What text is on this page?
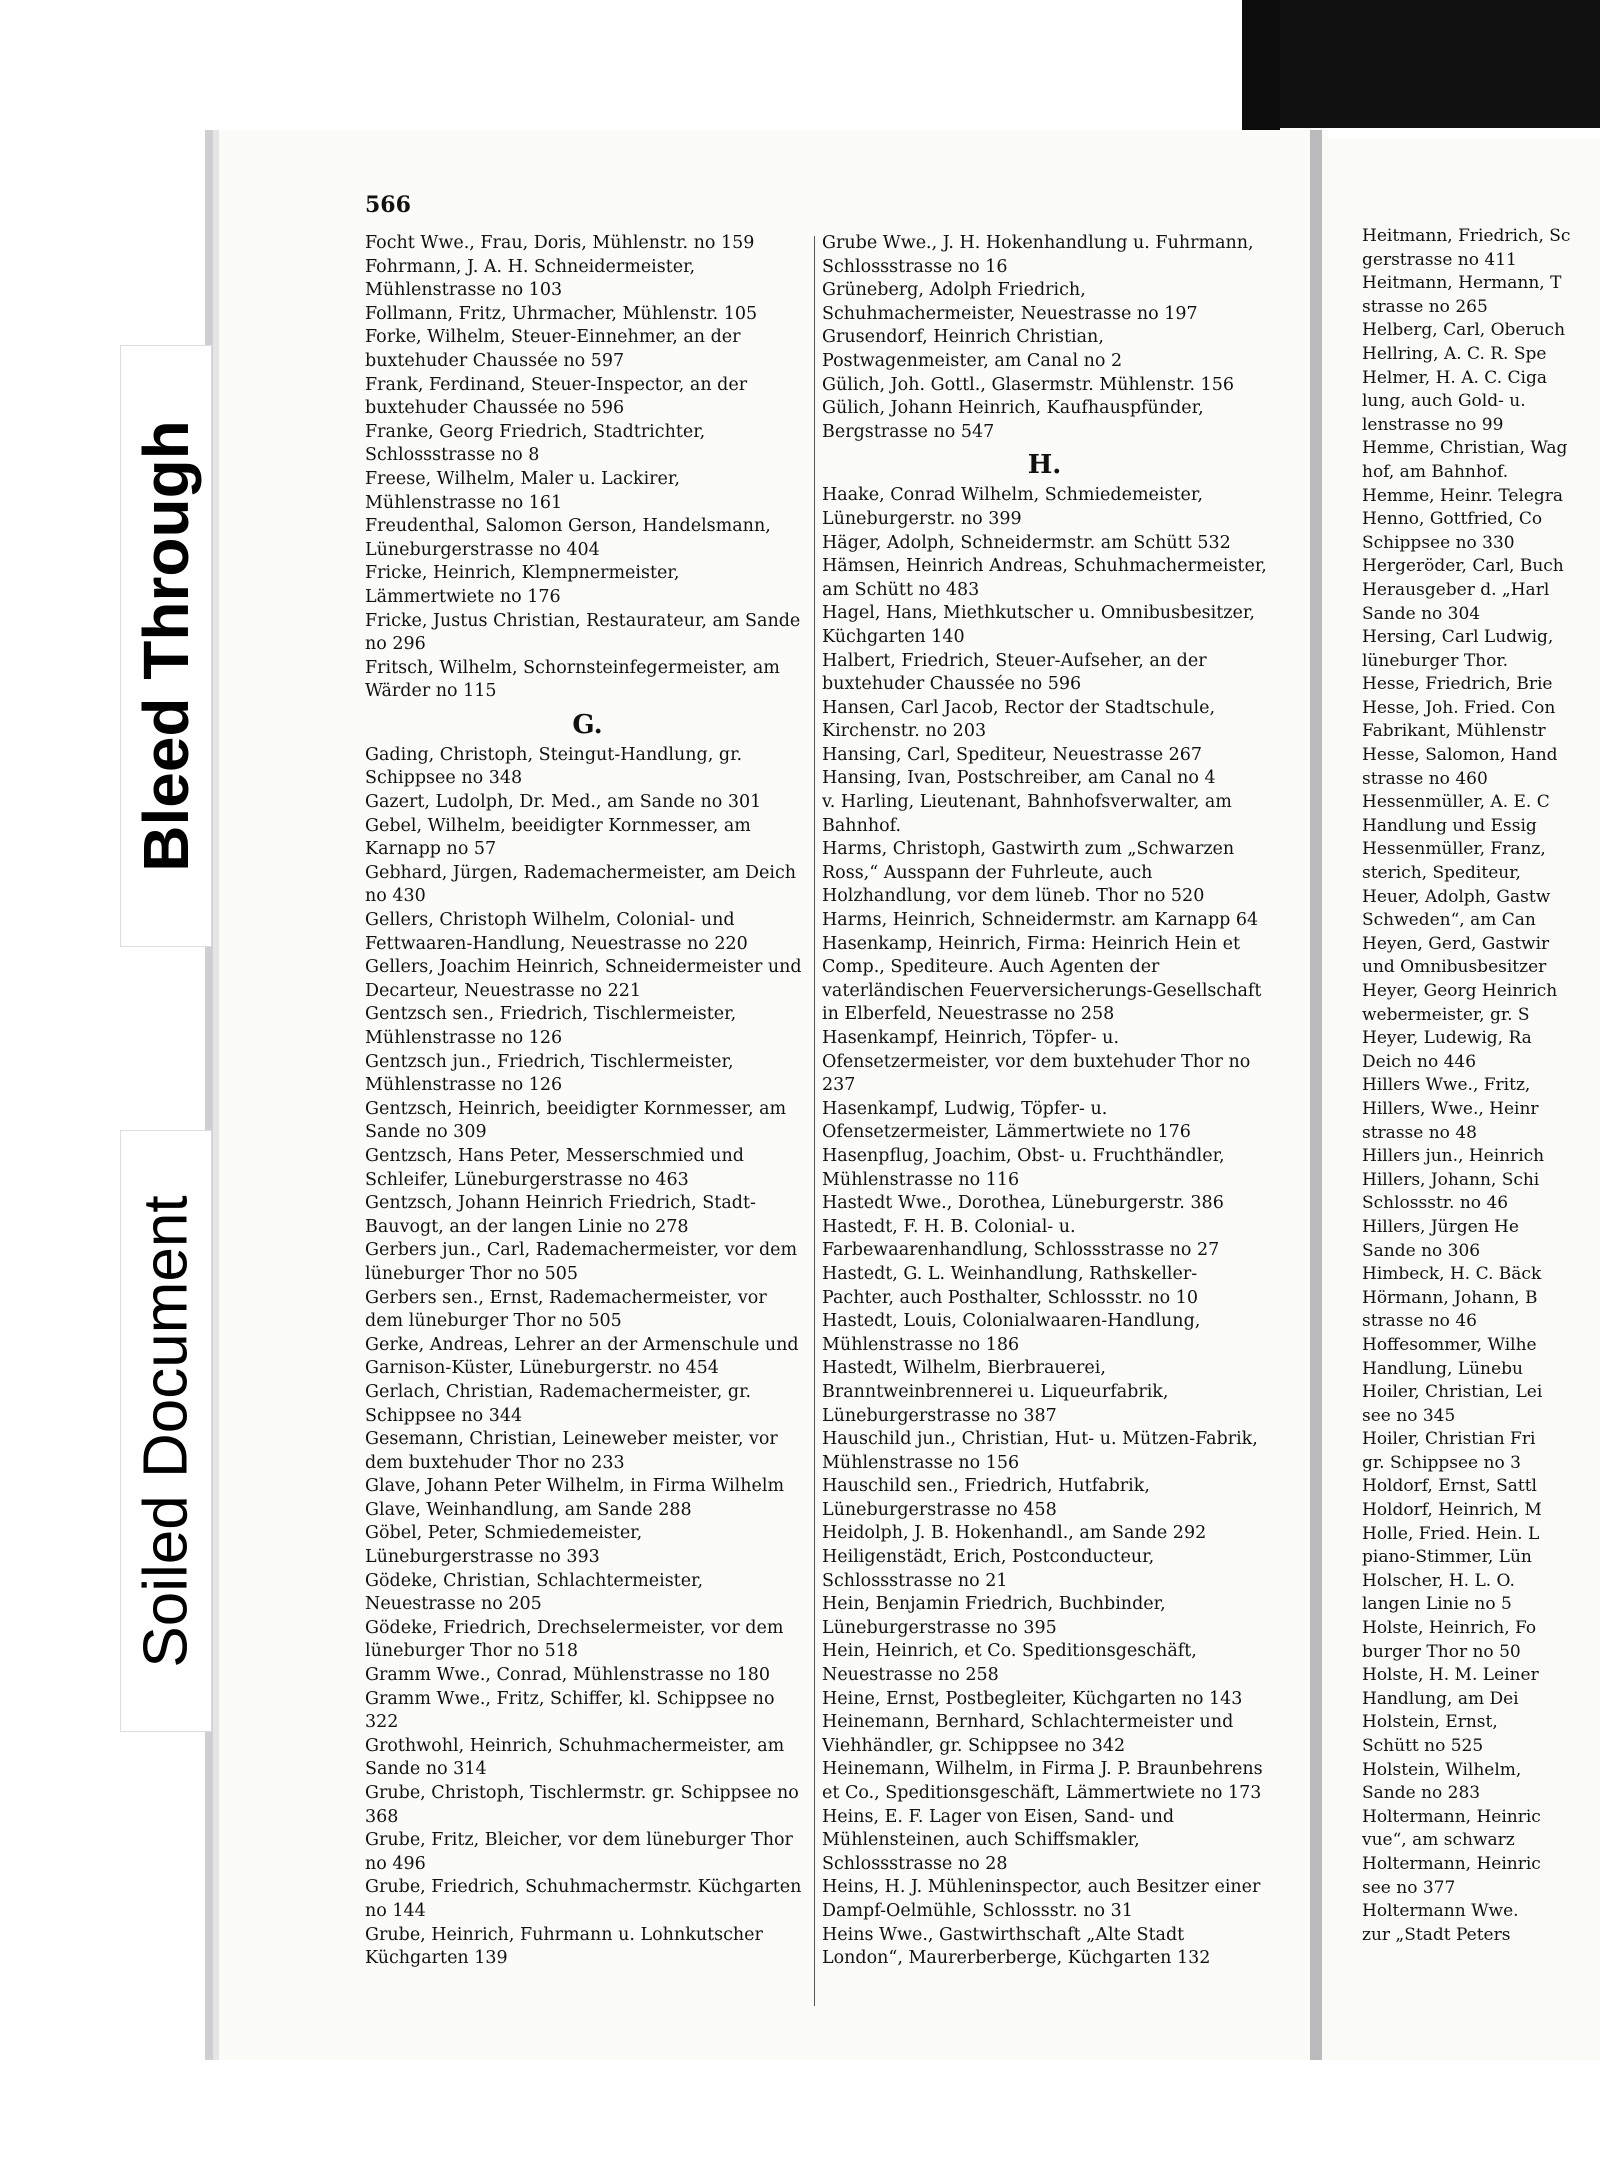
Bleed Through
Soiled Document
566

Focht Wwe., Frau, Doris, Mühlenstr. no 159

Fohrmann, J. A. H. Schneidermeister, Mühlenstrasse no 103

Follmann, Fritz, Uhrmacher, Mühlenstr. 105

Forke, Wilhelm, Steuer-Einnehmer, an der buxtehuder Chaussée no 597

Frank, Ferdinand, Steuer-Inspector, an der buxtehuder Chaussée no 596

Franke, Georg Friedrich, Stadtrichter, Schlossstrasse no 8

Freese, Wilhelm, Maler u. Lackirer, Mühlenstrasse no 161

Freudenthal, Salomon Gerson, Handelsmann, Lüneburgerstrasse no 404

Fricke, Heinrich, Klempnermeister, Lämmertwiete no 176

Fricke, Justus Christian, Restaurateur, am Sande no 296

Fritsch, Wilhelm, Schornsteinfegermeister, am Wärder no 115

G.

Gading, Christoph, Steingut-Handlung, gr. Schippsee no 348

Gazert, Ludolph, Dr. Med., am Sande no 301

Gebel, Wilhelm, beeidigter Kornmesser, am Karnapp no 57

Gebhard, Jürgen, Rademachermeister, am Deich no 430

Gellers, Christoph Wilhelm, Colonial- und Fettwaaren-Handlung, Neuestrasse no 220

Gellers, Joachim Heinrich, Schneidermeister und Decarteur, Neuestrasse no 221

Gentzsch sen., Friedrich, Tischlermeister, Mühlenstrasse no 126

Gentzsch jun., Friedrich, Tischlermeister, Mühlenstrasse no 126

Gentzsch, Heinrich, beeidigter Kornmesser, am Sande no 309

Gentzsch, Hans Peter, Messerschmied und Schleifer, Lüneburgerstrasse no 463

Gentzsch, Johann Heinrich Friedrich, Stadt-Bauvogt, an der langen Linie no 278

Gerbers jun., Carl, Rademachermeister, vor dem lüneburger Thor no 505

Gerbers sen., Ernst, Rademachermeister, vor dem lüneburger Thor no 505

Gerke, Andreas, Lehrer an der Armenschule und Garnison-Küster, Lüneburgerstr. no 454

Gerlach, Christian, Rademachermeister, gr. Schippsee no 344

Gesemann, Christian, Leineweber meister, vor dem buxtehuder Thor no 233

Glave, Johann Peter Wilhelm, in Firma Wilhelm Glave, Weinhandlung, am Sande 288

Göbel, Peter, Schmiedemeister, Lüneburgerstrasse no 393

Gödeke, Christian, Schlachtermeister, Neuestrasse no 205

Gödeke, Friedrich, Drechselermeister, vor dem lüneburger Thor no 518

Gramm Wwe., Conrad, Mühlenstrasse no 180

Gramm Wwe., Fritz, Schiffer, kl. Schippsee no 322

Grothwohl, Heinrich, Schuhmachermeister, am Sande no 314

Grube, Christoph, Tischlermstr. gr. Schippsee no 368

Grube, Fritz, Bleicher, vor dem lüneburger Thor no 496

Grube, Friedrich, Schuhmachermstr. Küchgarten no 144

Grube, Heinrich, Fuhrmann u. Lohnkutscher Küchgarten 139

Grube Wwe., J. H. Hokenhandlung u. Fuhrmann, Schlossstrasse no 16

Grüneberg, Adolph Friedrich, Schuhmachermeister, Neuestrasse no 197

Grusendorf, Heinrich Christian, Postwagenmeister, am Canal no 2

Gülich, Joh. Gottl., Glasermstr. Mühlenstr. 156

Gülich, Johann Heinrich, Kaufhauspfünder, Bergstrasse no 547

H.

Haake, Conrad Wilhelm, Schmiedemeister, Lüneburgerstr. no 399

Häger, Adolph, Schneidermstr. am Schütt 532

Hämsen, Heinrich Andreas, Schuhmachermeister, am Schütt no 483

Hagel, Hans, Miethkutscher u. Omnibusbesitzer, Küchgarten 140

Halbert, Friedrich, Steuer-Aufseher, an der buxtehuder Chaussée no 596

Hansen, Carl Jacob, Rector der Stadtschule, Kirchenstr. no 203

Hansing, Carl, Spediteur, Neuestrasse 267

Hansing, Ivan, Postschreiber, am Canal no 4

v. Harling, Lieutenant, Bahnhofsverwalter, am Bahnhof.

Harms, Christoph, Gastwirth zum „Schwarzen Ross,“ Ausspann der Fuhrleute, auch Holzhandlung, vor dem lüneb. Thor no 520

Harms, Heinrich, Schneidermstr. am Karnapp 64

Hasenkamp, Heinrich, Firma: Heinrich Hein et Comp., Spediteure. Auch Agenten der vaterländischen Feuerversicherungs-Gesellschaft in Elberfeld, Neuestrasse no 258

Hasenkampf, Heinrich, Töpfer- u. Ofensetzermeister, vor dem buxtehuder Thor no 237

Hasenkampf, Ludwig, Töpfer- u. Ofensetzermeister, Lämmertwiete no 176

Hasenpflug, Joachim, Obst- u. Fruchthändler, Mühlenstrasse no 116

Hastedt Wwe., Dorothea, Lüneburgerstr. 386

Hastedt, F. H. B. Colonial- u. Farbewaarenhandlung, Schlossstrasse no 27

Hastedt, G. L. Weinhandlung, Rathskeller-Pachter, auch Posthalter, Schlossstr. no 10

Hastedt, Louis, Colonialwaaren-Handlung, Mühlenstrasse no 186

Hastedt, Wilhelm, Bierbrauerei, Branntweinbrennerei u. Liqueurfabrik, Lüneburgerstrasse no 387

Hauschild jun., Christian, Hut- u. Mützen-Fabrik, Mühlenstrasse no 156

Hauschild sen., Friedrich, Hutfabrik, Lüneburgerstrasse no 458

Heidolph, J. B. Hokenhandl., am Sande 292

Heiligenstädt, Erich, Postconducteur, Schlossstrasse no 21

Hein, Benjamin Friedrich, Buchbinder, Lüneburgerstrasse no 395

Hein, Heinrich, et Co. Speditionsgeschäft, Neuestrasse no 258

Heine, Ernst, Postbegleiter, Küchgarten no 143

Heinemann, Bernhard, Schlachtermeister und Viehhändler, gr. Schippsee no 342

Heinemann, Wilhelm, in Firma J. P. Braunbehrens et Co., Speditionsgeschäft, Lämmertwiete no 173

Heins, E. F. Lager von Eisen, Sand- und Mühlensteinen, auch Schiffsmakler, Schlossstrasse no 28

Heins, H. J. Mühleninspector, auch Besitzer einer Dampf-Oelmühle, Schlossstr. no 31

Heins Wwe., Gastwirthschaft „Alte Stadt London“, Maurerberberge, Küchgarten 132

Heitmann, Friedrich, Sc
gerstrasse no 411
Heitmann, Hermann, T
strasse no 265
Helberg, Carl, Oberuch
Hellring, A. C. R. Spe
Helmer, H. A. C. Ciga
lung, auch Gold- u.
lenstrasse no 99
Hemme, Christian, Wag
hof, am Bahnhof.
Hemme, Heinr. Telegra
Henno, Gottfried, Co
Schippsee no 330
Hergeröder, Carl, Buch
Herausgeber d. „Harl
Sande no 304
Hersing, Carl Ludwig,
lüneburger Thor.
Hesse, Friedrich, Brie
Hesse, Joh. Fried. Con
Fabrikant, Mühlenstr
Hesse, Salomon, Hand
strasse no 460
Hessenmüller, A. E. C
Handlung und Essig
Hessenmüller, Franz,
sterich, Spediteur,
Heuer, Adolph, Gastw
Schweden“, am Can
Heyen, Gerd, Gastwir
und Omnibusbesitzer
Heyer, Georg Heinrich
webermeister, gr. S
Heyer, Ludewig, Ra
Deich no 446
Hillers Wwe., Fritz,
Hillers, Wwe., Heinr
strasse no 48
Hillers jun., Heinrich
Hillers, Johann, Schi
Schlossstr. no 46
Hillers, Jürgen He
Sande no 306
Himbeck, H. C. Bäck
Hörmann, Johann, B
strasse no 46
Hoffesommer, Wilhe
Handlung, Lünebu
Hoiler, Christian, Lei
see no 345
Hoiler, Christian Fri
gr. Schippsee no 3
Holdorf, Ernst, Sattl
Holdorf, Heinrich, M
Holle, Fried. Hein. L
piano-Stimmer, Lün
Holscher, H. L. O.
langen Linie no 5
Holste, Heinrich, Fo
burger Thor no 50
Holste, H. M. Leiner
Handlung, am Dei
Holstein, Ernst,
Schütt no 525
Holstein, Wilhelm,
Sande no 283
Holtermann, Heinric
vue“, am schwarz
Holtermann, Heinric
see no 377
Holtermann Wwe.
zur „Stadt Peters
